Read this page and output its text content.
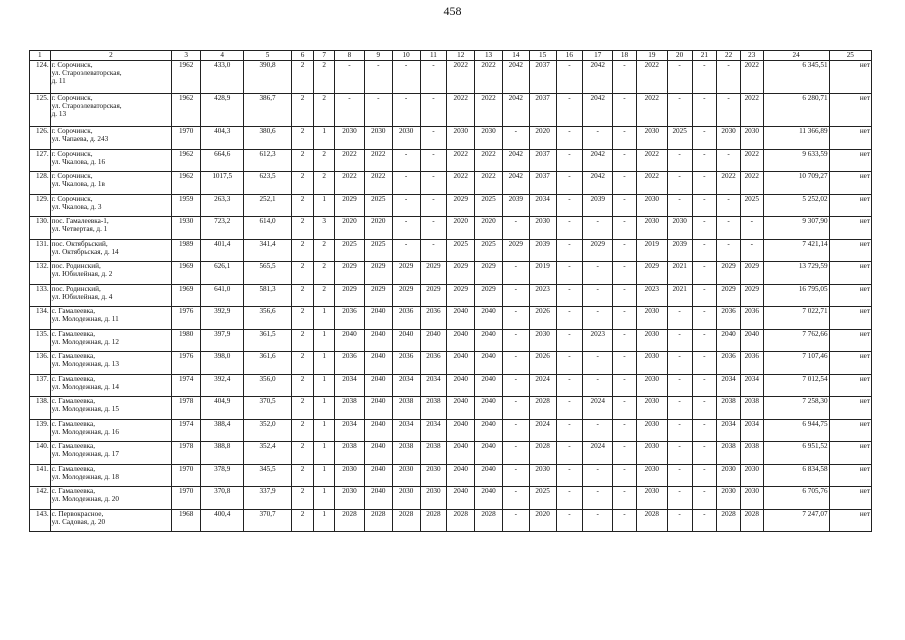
458
1	2	3	4	5	6	7	8	9	10	11	12	13	14	15	16	17	18	19	20	21	22	23	24	25
124.	г. Сорочинск,
ул. Староэлеваторская,
д. 11	1962	433,0	390,8	2	2	-	-	-	-	2022	2022	2042	2037	-	2042	-	2022	-	-	-	2022	6 345,51	нет
125.	г. Сорочинск,
ул. Староэлеваторская,
д. 13	1962	428,9	386,7	2	2	-	-	-	-	2022	2022	2042	2037	-	2042	-	2022	-	-	-	2022	6 280,71	нет
126.	г. Сорочинск,
ул. Чапаева, д. 243	1970	404,3	380,6	2	1	2030	2030	2030	-	2030	2030	-	2020	-	-	-	2030	2025	-	2030	2030	11 366,89	нет
127.	г. Сорочинск,
ул. Чкалова, д. 16	1962	664,6	612,3	2	2	2022	2022	-	-	2022	2022	2042	2037	-	2042	-	2022	-	-	-	2022	9 633,59	нет
128.	г. Сорочинск,
ул. Чкалова, д. 1в	1962	1017,5	623,5	2	2	2022	2022	-	-	2022	2022	2042	2037	-	2042	-	2022	-	-	2022	2022	10 709,27	нет
129.	г. Сорочинск,
ул. Чкалова, д. 3	1959	263,3	252,1	2	1	2029	2025	-	-	2029	2025	2039	2034	-	2039	-	2030	-	-	-	2025	5 252,02	нет
130.	пос. Гамалеевка-1,
ул. Четвертая, д. 1	1930	723,2	614,0	2	3	2020	2020	-	-	2020	2020	-	2030	-	-	-	2030	2030	-	-	-	9 307,90	нет
131.	пос. Октябрьский,
ул. Октябрьская, д. 14	1989	401,4	341,4	2	2	2025	2025	-	-	2025	2025	2029	2039	-	2029	-	2019	2039	-	-	-	7 421,14	нет
132.	пос. Родинский,
ул. Юбилейная, д. 2	1969	626,1	565,5	2	2	2029	2029	2029	2029	2029	2029	-	2019	-	-	-	2029	2021	-	2029	2029	13 729,59	нет
133.	пос. Родинский,
ул. Юбилейная, д. 4	1969	641,0	581,3	2	2	2029	2029	2029	2029	2029	2029	-	2023	-	-	-	2023	2021	-	2029	2029	16 795,05	нет
134.	с. Гамалеевка,
ул. Молодежная, д. 11	1976	392,9	356,6	2	1	2036	2040	2036	2036	2040	2040	-	2026	-	-	-	2030	-	-	2036	2036	7 022,71	нет
135.	с. Гамалеевка,
ул. Молодежная, д. 12	1980	397,9	361,5	2	1	2040	2040	2040	2040	2040	2040	-	2030	-	2023	-	2030	-	-	2040	2040	7 762,66	нет
136.	с. Гамалеевка,
ул. Молодежная, д. 13	1976	398,0	361,6	2	1	2036	2040	2036	2036	2040	2040	-	2026	-	-	-	2030	-	-	2036	2036	7 107,46	нет
137.	с. Гамалеевка,
ул. Молодежная, д. 14	1974	392,4	356,0	2	1	2034	2040	2034	2034	2040	2040	-	2024	-	-	-	2030	-	-	2034	2034	7 012,54	нет
138.	с. Гамалеевка,
ул. Молодежная, д. 15	1978	404,9	370,5	2	1	2038	2040	2038	2038	2040	2040	-	2028	-	2024	-	2030	-	-	2038	2038	7 258,30	нет
139.	с. Гамалеевка,
ул. Молодежная, д. 16	1974	388,4	352,0	2	1	2034	2040	2034	2034	2040	2040	-	2024	-	-	-	2030	-	-	2034	2034	6 944,75	нет
140.	с. Гамалеевка,
ул. Молодежная, д. 17	1978	388,8	352,4	2	1	2038	2040	2038	2038	2040	2040	-	2028	-	2024	-	2030	-	-	2038	2038	6 951,52	нет
141.	с. Гамалеевка,
ул. Молодежная, д. 18	1970	378,9	345,5	2	1	2030	2040	2030	2030	2040	2040	-	2030	-	-	-	2030	-	-	2030	2030	6 834,58	нет
142.	с. Гамалеевка,
ул. Молодежная, д. 20	1970	370,8	337,9	2	1	2030	2040	2030	2030	2040	2040	-	2025	-	-	-	2030	-	-	2030	2030	6 705,76	нет
143.	с. Первокрасное,
ул. Садовая, д. 20	1968	400,4	370,7	2	1	2028	2028	2028	2028	2028	2028	-	2020	-	-	-	2028	-	-	2028	2028	7 247,07	нет
